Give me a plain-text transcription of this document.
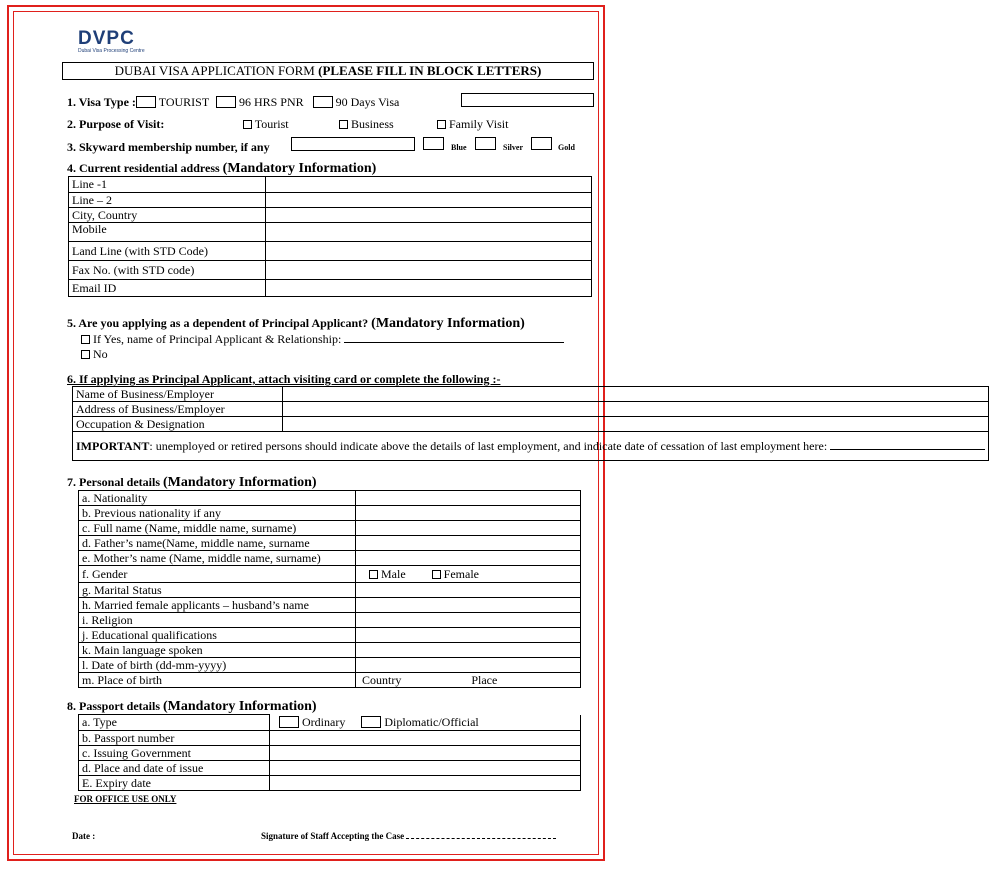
DVPC
Dubai Visa Processing Centre
DUBAI VISA APPLICATION FORM (PLEASE FILL IN BLOCK LETTERS)
1. Visa Type : TOURIST	96 HRS PNR	90 Days Visa
2. Purpose of Visit:	Tourist	Business	Family Visit
3. Skyward membership number, if any	Blue	Silver	Gold
4. Current residential address (Mandatory Information)
Line -1	
Line – 2	
City, Country	
Mobile	
Land Line (with STD Code)	
Fax No. (with STD code)	
Email ID	
5. Are you applying as a dependent of Principal Applicant? (Mandatory Information)
If Yes, name of Principal Applicant & Relationship:
No
6. If applying as Principal Applicant, attach visiting card or complete the following :-
Name of Business/Employer	
Address of Business/Employer	
Occupation & Designation	
IMPORTANT: unemployed or retired persons should indicate above the details of last employment, and indicate date of cessation of last employment here:	
7. Personal details (Mandatory Information)
a. Nationality	
b. Previous nationality if any	
c. Full name (Name, middle name, surname)	
d. Father’s name(Name, middle name, surname	
e. Mother’s name (Name, middle name, surname)	
f. Gender	Male Female
g. Marital Status	
h. Married female applicants – husband’s name	
i. Religion	
j. Educational qualifications	
k. Main language spoken	
l. Date of birth (dd-mm-yyyy)	
m. Place of birth	Country Place
8. Passport details (Mandatory Information)
a. Type	Ordinary Diplomatic/Official
b. Passport number	
c. Issuing Government	
d. Place and date of issue	
E. Expiry date	
FOR OFFICE USE ONLY
Date :	Signature of Staff Accepting the Case
